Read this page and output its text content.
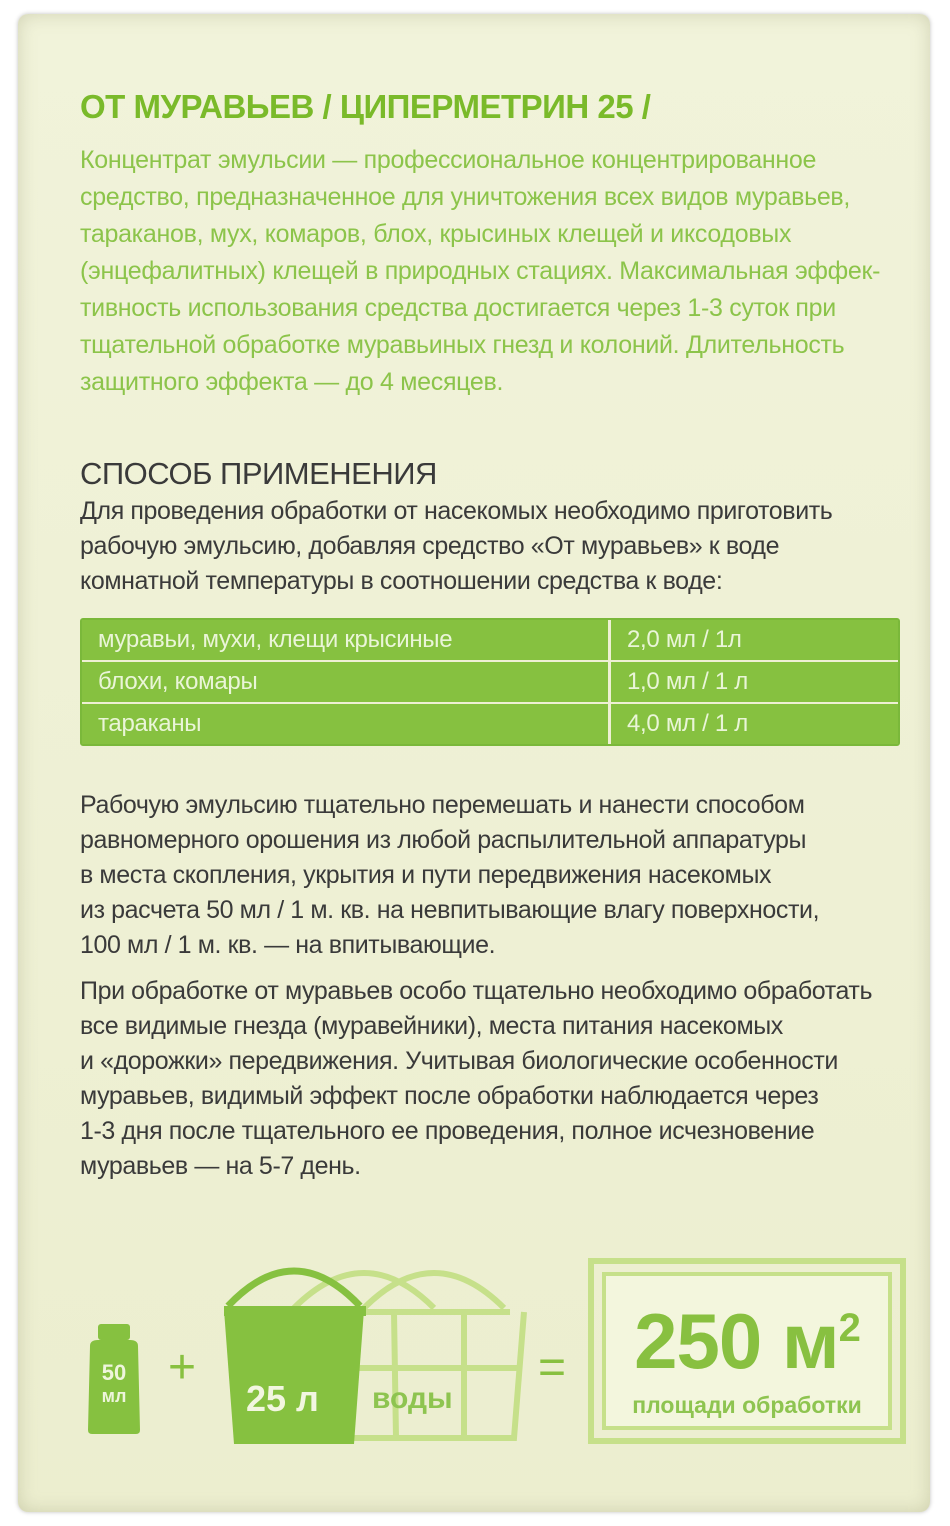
ОТ МУРАВЬЕВ / ЦИПЕРМЕТРИН 25 /
Концентрат эмульсии — профессиональное концентрированное
средство, предназначенное для уничтожения всех видов муравьев,
тараканов, мух, комаров, блох, крысиных клещей и иксодовых
(энцефалитных) клещей в природных стациях. Максимальная эффек-
тивность использования средства достигается через 1-3 суток при
тщательной обработке муравьиных гнезд и колоний. Длительность
защитного эффекта — до 4 месяцев.
СПОСОБ ПРИМЕНЕНИЯ
Для проведения обработки от насекомых необходимо приготовить
рабочую эмульсию, добавляя средство «От муравьев» к воде
комнатной температуры в соотношении средства к воде:
муравьи, мухи, клещи крысиные	2,0 мл / 1л
блохи, комары	1,0 мл / 1 л
тараканы	4,0 мл / 1 л
Рабочую эмульсию тщательно перемешать и нанести способом
равномерного орошения из любой распылительной аппаратуры
в места скопления, укрытия и пути передвижения насекомых
из расчета 50 мл / 1 м. кв. на невпитывающие влагу поверхности,
100 мл / 1 м. кв. — на впитывающие.
При обработке от муравьев особо тщательно необходимо обработать
все видимые гнезда (муравейники), места питания насекомых
и «дорожки» передвижения. Учитывая биологические особенности
муравьев, видимый эффект после обработки наблюдается через
1-3 дня после тщательного ее проведения, полное исчезновение
муравьев — на 5-7 день.
50
мл
+
25 л воды
= 250 $м^2$
площади обработки
